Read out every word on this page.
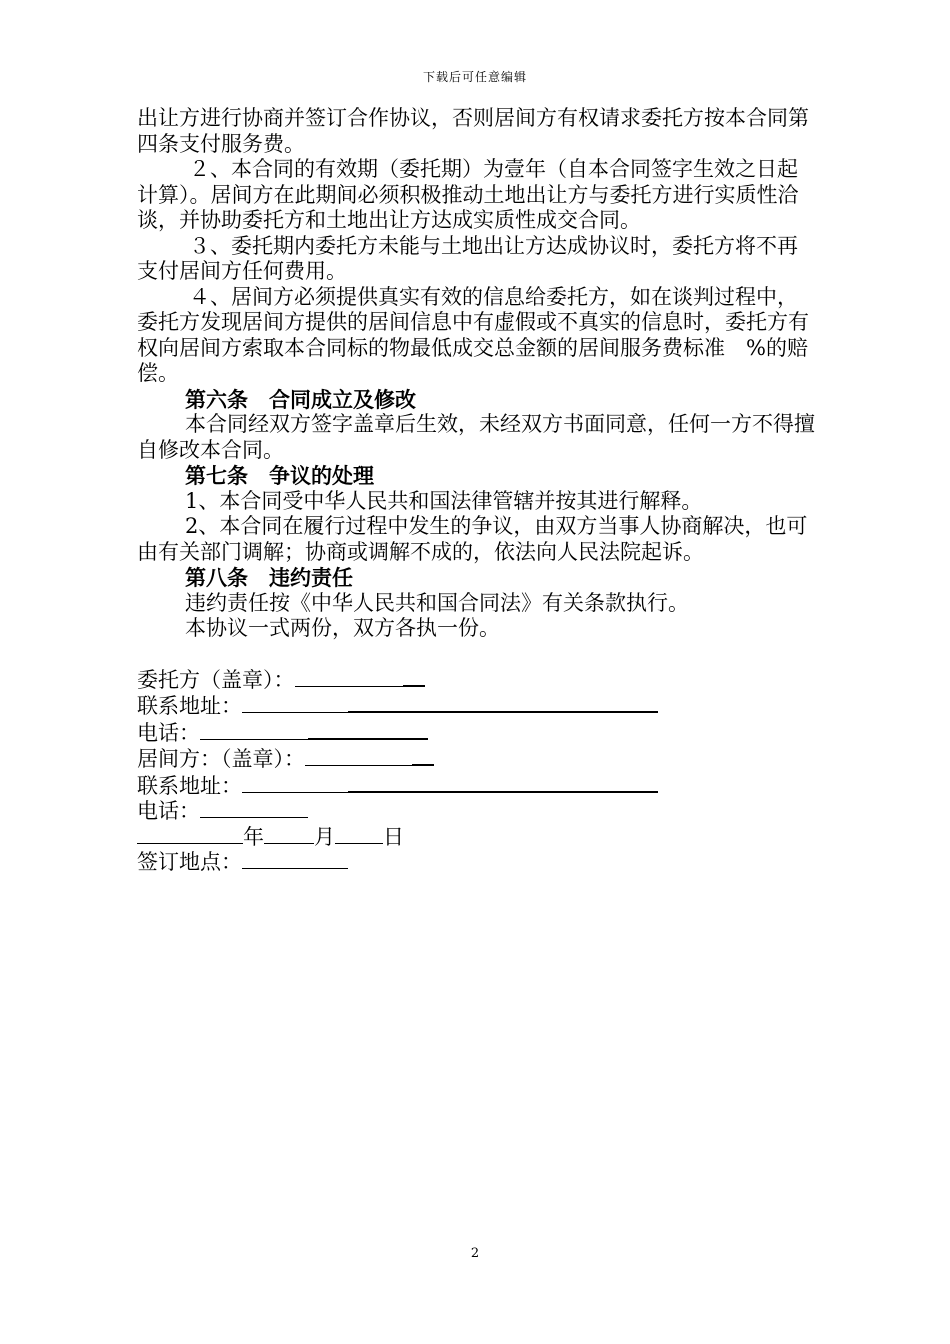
下载后可任意编辑

出让方进行协商并签订合作协议，否则居间方有权请求委托方按本合同第四条支付服务费。

２、本合同的有效期（委托期）为壹年（自本合同签字生效之日起计算）。居间方在此期间必须积极推动土地出让方与委托方进行实质性洽谈，并协助委托方和土地出让方达成实质性成交合同。

３、委托期内委托方未能与土地出让方达成协议时，委托方将不再支付居间方任何费用。

４、居间方必须提供真实有效的信息给委托方，如在谈判过程中，委托方发现居间方提供的居间信息中有虚假或不真实的信息时，委托方有权向居间方索取本合同标的物最低成交总金额的居间服务费标准　%的赔偿。

第六条　合同成立及修改

本合同经双方签字盖章后生效，未经双方书面同意，任何一方不得擅自修改本合同。

第七条　争议的处理

1、本合同受中华人民共和国法律管辖并按其进行解释。

2、本合同在履行过程中发生的争议，由双方当事人协商解决，也可由有关部门调解；协商或调解不成的，依法向人民法院起诉。

第八条　违约责任

违约责任按《中华人民共和国合同法》有关条款执行。

本协议一式两份，双方各执一份。

委托方（盖章）：

联系地址：

电话：

居间方：（盖章）：

联系地址：

电话：

年 月 日

签订地点：

2
